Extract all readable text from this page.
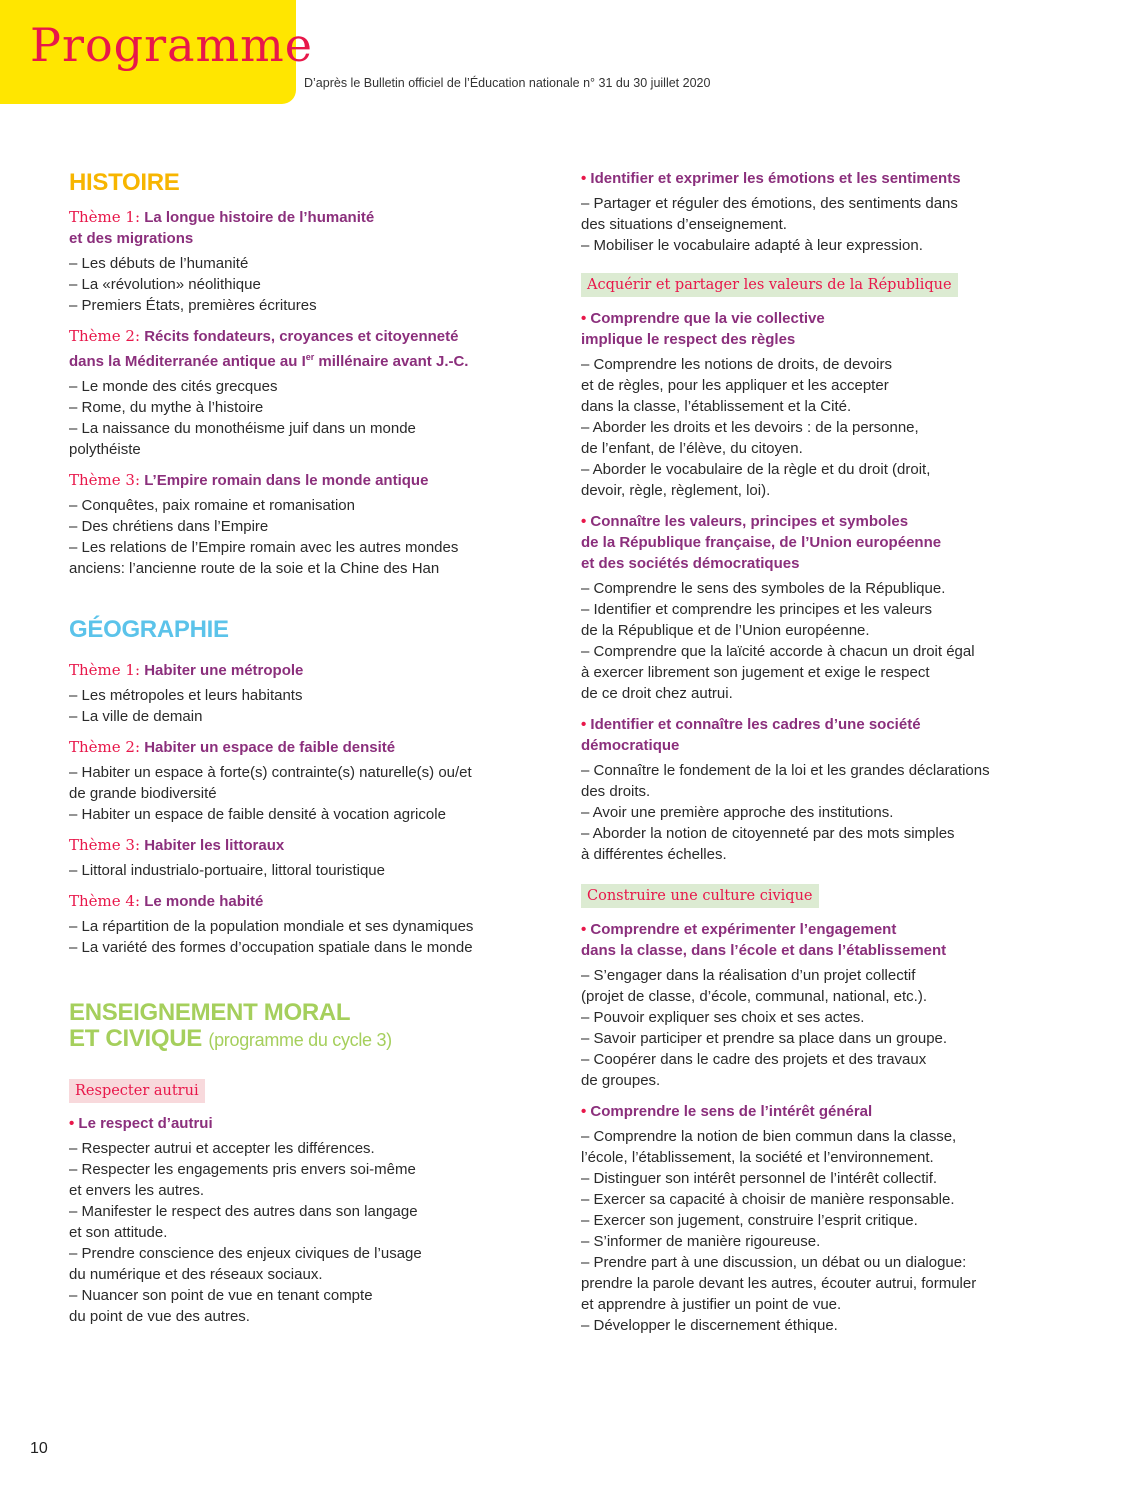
Programme
D’après le Bulletin officiel de l’Éducation nationale n° 31 du 30 juillet 2020
HISTOIRE

Thème 1: La longue histoire de l’humanité
et des migrations

– Les débuts de l’humanité
– La «révolution» néolithique
– Premiers États, premières écritures

Thème 2: Récits fondateurs, croyances et citoyenneté
dans la Méditerranée antique au Ier millénaire avant J.-C.

– Le monde des cités grecques
– Rome, du mythe à l’histoire
– La naissance du monothéisme juif dans un monde
polythéiste

Thème 3: L’Empire romain dans le monde antique

– Conquêtes, paix romaine et romanisation
– Des chrétiens dans l’Empire
– Les relations de l’Empire romain avec les autres mondes
anciens: l’ancienne route de la soie et la Chine des Han
GÉOGRAPHIE

Thème 1: Habiter une métropole

– Les métropoles et leurs habitants
– La ville de demain

Thème 2: Habiter un espace de faible densité

– Habiter un espace à forte(s) contrainte(s) naturelle(s) ou/et
de grande biodiversité
– Habiter un espace de faible densité à vocation agricole

Thème 3: Habiter les littoraux

– Littoral industrialo-portuaire, littoral touristique

Thème 4: Le monde habité

– La répartition de la population mondiale et ses dynamiques
– La variété des formes d’occupation spatiale dans le monde
ENSEIGNEMENT MORAL
ET CIVIQUE (programme du cycle 3)
Respecter autrui

• Le respect d’autrui

– Respecter autrui et accepter les différences.
– Respecter les engagements pris envers soi-même
et envers les autres.
– Manifester le respect des autres dans son langage
et son attitude.
– Prendre conscience des enjeux civiques de l’usage
du numérique et des réseaux sociaux.
– Nuancer son point de vue en tenant compte
du point de vue des autres.

• Identifier et exprimer les émotions et les sentiments

– Partager et réguler des émotions, des sentiments dans
des situations d’enseignement.
– Mobiliser le vocabulaire adapté à leur expression.
Acquérir et partager les valeurs de la République

• Comprendre que la vie collective
implique le respect des règles

– Comprendre les notions de droits, de devoirs
et de règles, pour les appliquer et les accepter
dans la classe, l’établissement et la Cité.
– Aborder les droits et les devoirs : de la personne,
de l’enfant, de l’élève, du citoyen.
– Aborder le vocabulaire de la règle et du droit (droit,
devoir, règle, règlement, loi).

• Connaître les valeurs, principes et symboles
de la République française, de l’Union européenne
et des sociétés démocratiques

– Comprendre le sens des symboles de la République.
– Identifier et comprendre les principes et les valeurs
de la République et de l’Union européenne.
– Comprendre que la laïcité accorde à chacun un droit égal
à exercer librement son jugement et exige le respect
de ce droit chez autrui.

• Identifier et connaître les cadres d’une société
démocratique

– Connaître le fondement de la loi et les grandes déclarations
des droits.
– Avoir une première approche des institutions.
– Aborder la notion de citoyenneté par des mots simples
à différentes échelles.
Construire une culture civique

• Comprendre et expérimenter l’engagement
dans la classe, dans l’école et dans l’établissement

– S’engager dans la réalisation d’un projet collectif
(projet de classe, d’école, communal, national, etc.).
– Pouvoir expliquer ses choix et ses actes.
– Savoir participer et prendre sa place dans un groupe.
– Coopérer dans le cadre des projets et des travaux
de groupes.

• Comprendre le sens de l’intérêt général

– Comprendre la notion de bien commun dans la classe,
l’école, l’établissement, la société et l’environnement.
– Distinguer son intérêt personnel de l’intérêt collectif.
– Exercer sa capacité à choisir de manière responsable.
– Exercer son jugement, construire l’esprit critique.
– S’informer de manière rigoureuse.
– Prendre part à une discussion, un débat ou un dialogue:
prendre la parole devant les autres, écouter autrui, formuler
et apprendre à justifier un point de vue.
– Développer le discernement éthique.
10
